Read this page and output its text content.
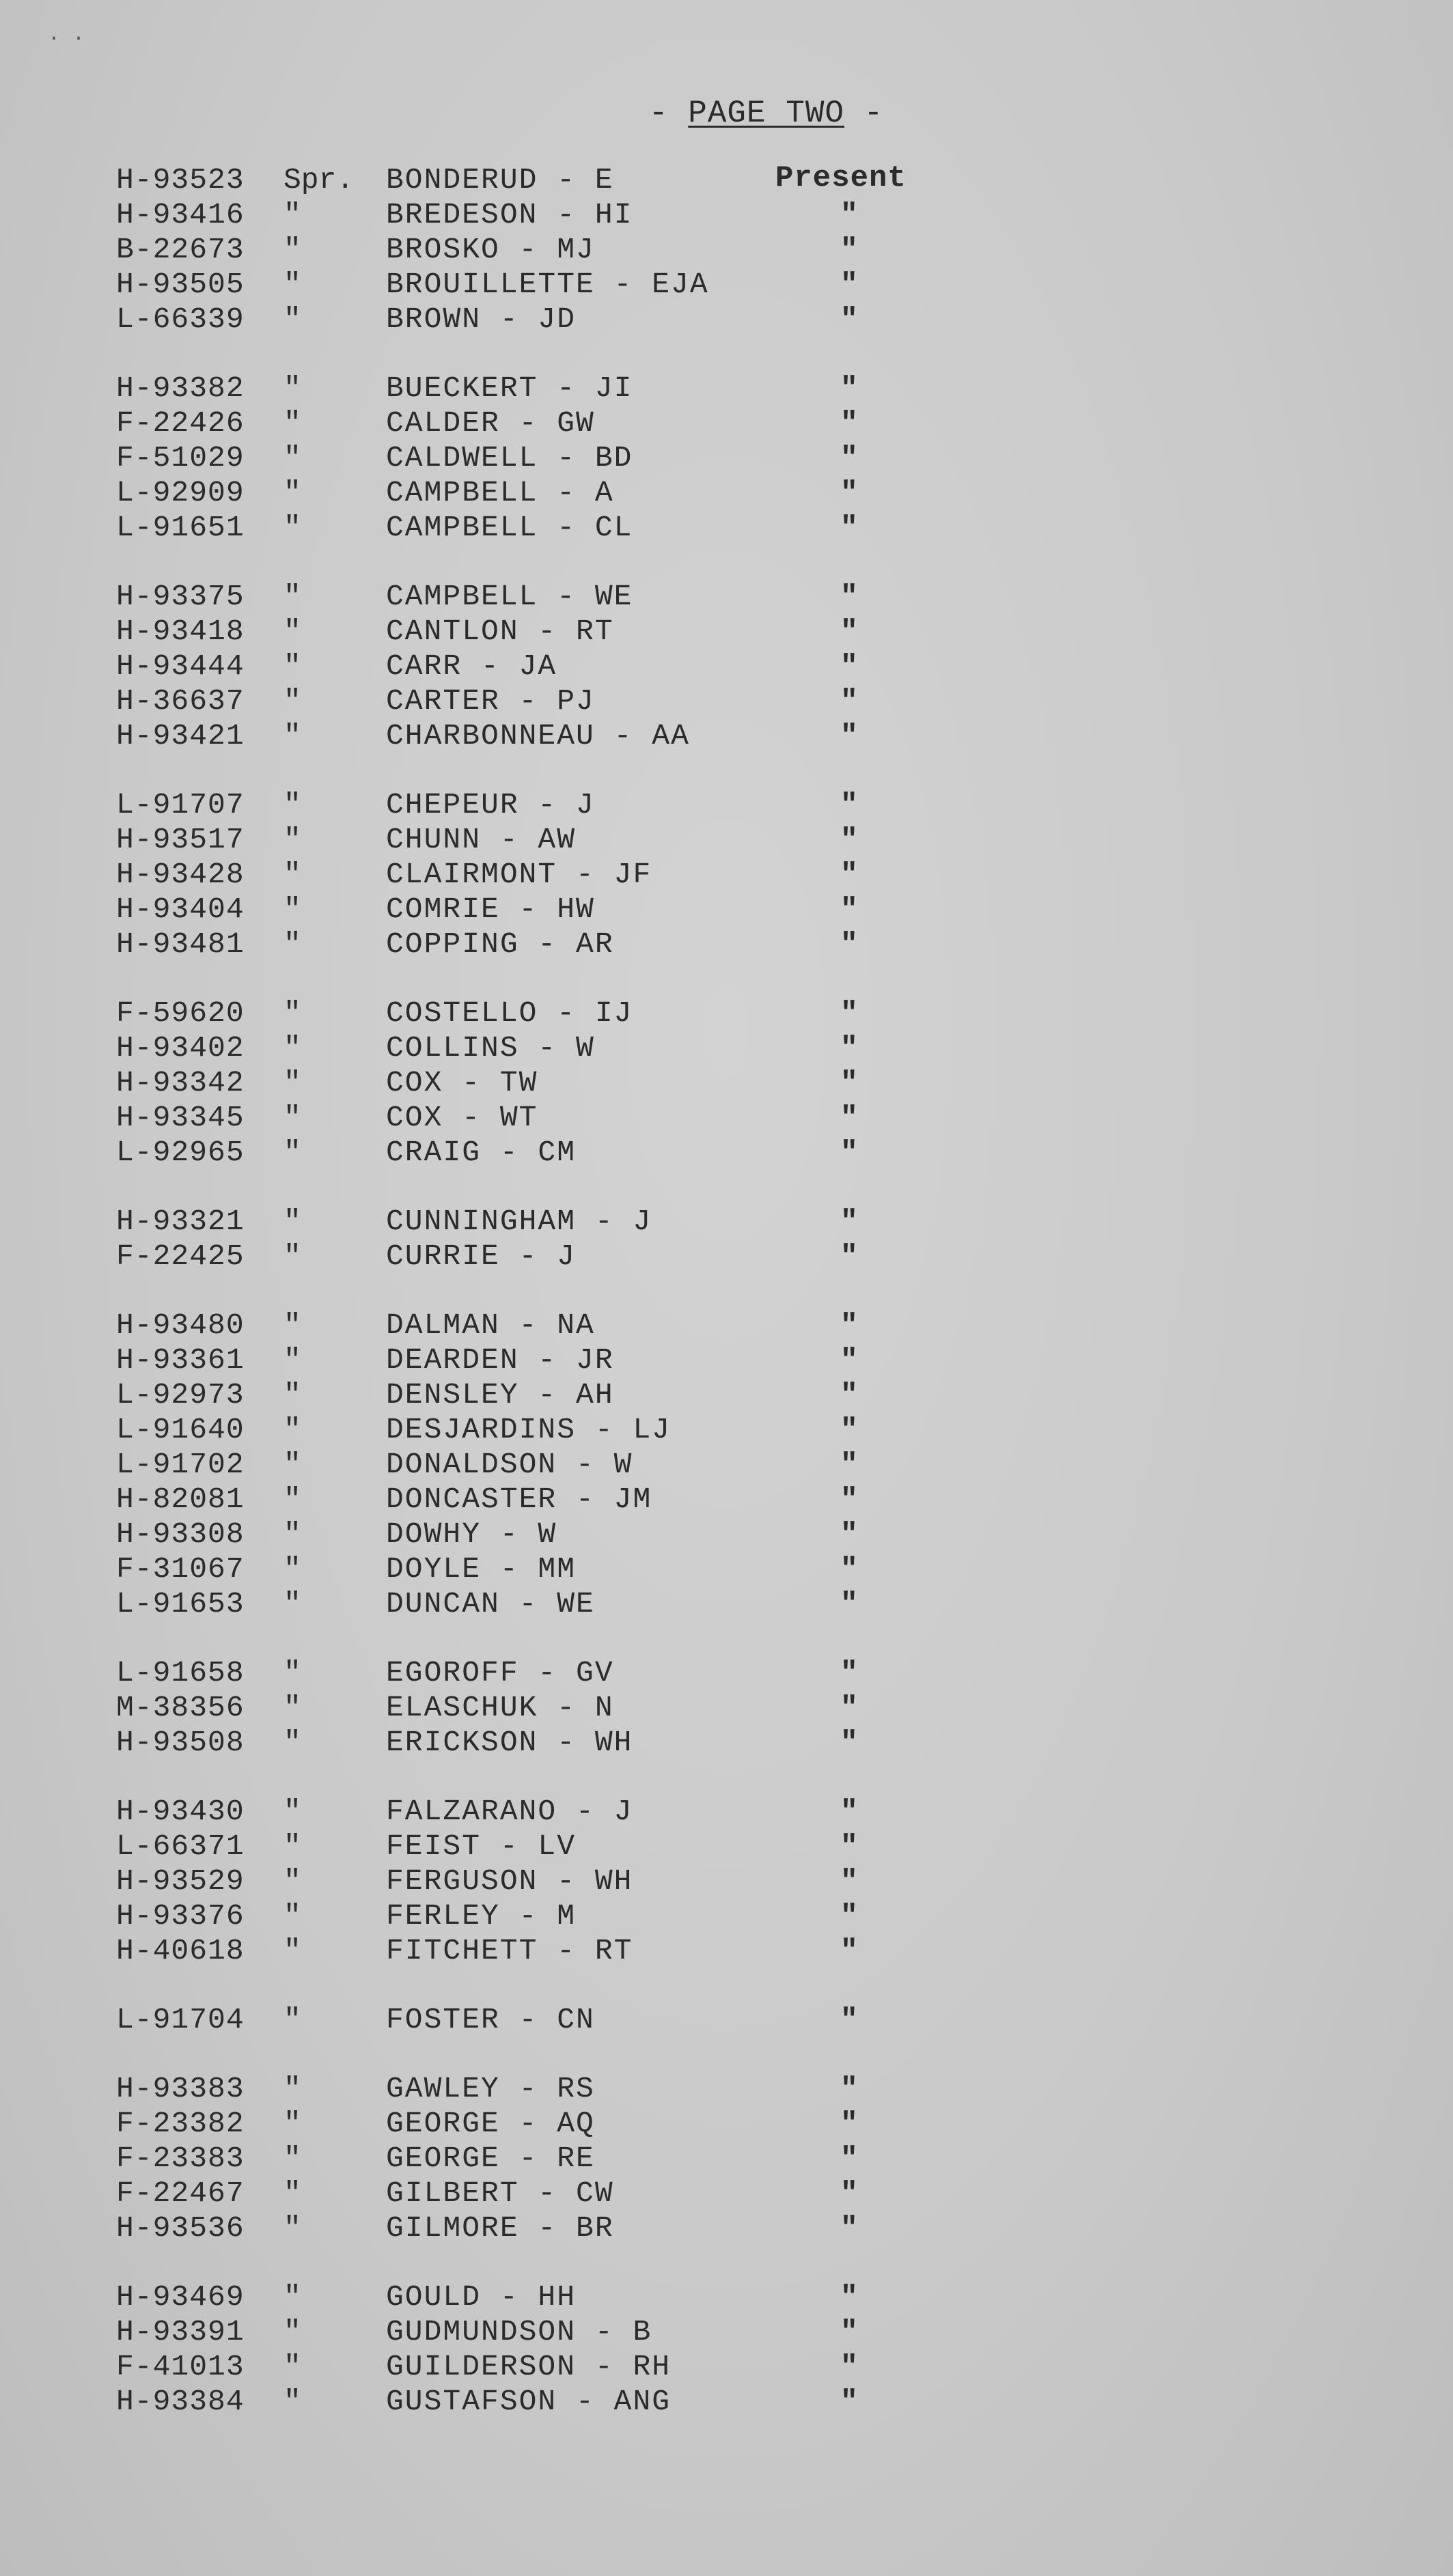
· ·
- PAGE TWO -
Present
H-93523 Spr. BONDERUD - E
H-93416 "	BREDESON - HI	"
B-22673 "	BROSKO - MJ	"
H-93505 "	BROUILLETTE - EJA	"
L-66339 "	BROWN - JD	"
H-93382 "	BUECKERT - JI	"
F-22426 "	CALDER - GW	"
F-51029 "	CALDWELL - BD	"
L-92909 "	CAMPBELL - A	"
L-91651 "	CAMPBELL - CL	"
H-93375 "	CAMPBELL - WE	"
H-93418 "	CANTLON - RT	"
H-93444 "	CARR - JA	"
H-36637 "	CARTER - PJ	"
H-93421 "	CHARBONNEAU - AA	"
L-91707 "	CHEPEUR - J	"
H-93517 "	CHUNN - AW	"
H-93428 "	CLAIRMONT - JF	"
H-93404 "	COMRIE - HW	"
H-93481 "	COPPING - AR	"
F-59620 "	COSTELLO - IJ	"
H-93402 "	COLLINS - W	"
H-93342 "	COX - TW	"
H-93345 "	COX - WT	"
L-92965 "	CRAIG - CM	"
H-93321 "	CUNNINGHAM - J	"
F-22425 "	CURRIE - J	"
H-93480 "	DALMAN - NA	"
H-93361 "	DEARDEN - JR	"
L-92973 "	DENSLEY - AH	"
L-91640 "	DESJARDINS - LJ	"
L-91702 "	DONALDSON - W	"
H-82081 "	DONCASTER - JM	"
H-93308 "	DOWHY - W	"
F-31067 "	DOYLE - MM	"
L-91653 "	DUNCAN - WE	"
L-91658 "	EGOROFF - GV	"
M-38356 "	ELASCHUK - N	"
H-93508 "	ERICKSON - WH	"
H-93430 "	FALZARANO - J	"
L-66371 "	FEIST - LV	"
H-93529 "	FERGUSON - WH	"
H-93376 "	FERLEY - M	"
H-40618 "	FITCHETT - RT	"
L-91704 "	FOSTER - CN	"
H-93383 "	GAWLEY - RS	"
F-23382 "	GEORGE - AQ	"
F-23383 "	GEORGE - RE	"
F-22467 "	GILBERT - CW	"
H-93536 "	GILMORE - BR	"
H-93469 "	GOULD - HH	"
H-93391 "	GUDMUNDSON - B	"
F-41013 "	GUILDERSON - RH	"
H-93384 "	GUSTAFSON - ANG	"
